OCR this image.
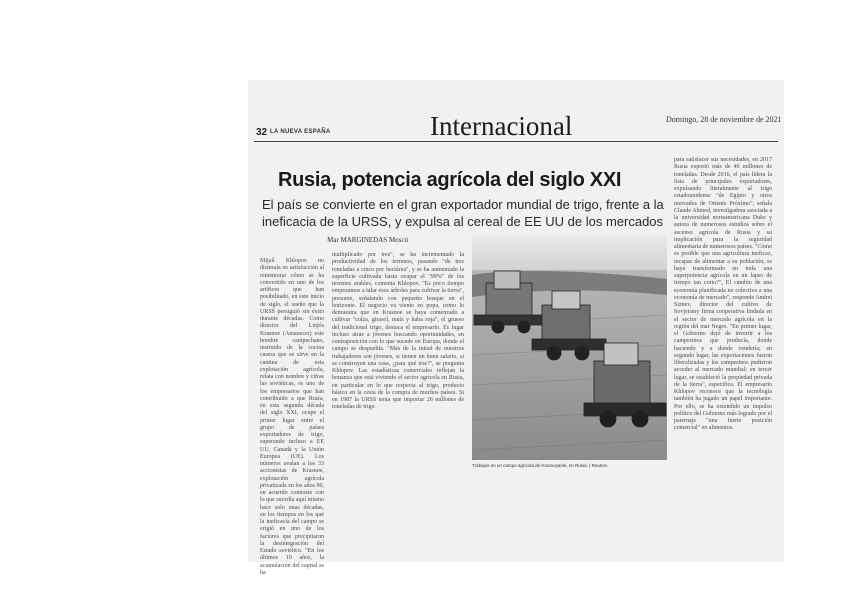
32 LA NUEVA ESPAÑA	Internacional	Domingo, 28 de noviembre de 2021
Rusia, potencia agrícola del siglo XXI
El país se convierte en el gran exportador mundial de trigo, frente a la ineficacia de la URSS, y expulsa al cereal de EE UU de los mercados
Mar MARGINEDAS Moscú
Mijaíl Khlopov no disimula su satisfacción al rememorar cómo se ha convertido en uno de los artífices que han posibilitado, en este inicio de siglo, el sueño que la URSS persiguió sin éxito durante décadas. Como director del Linjós Krasnoe (Amanecer) este hombre campechano, instruido de la cocina casera que se sirve en la cantina de esta explotación agrícola, relata con nombre y cifras las soviéticas, es uno de los empresarios que han contribuido a que Rusia, en esta segunda década del siglo XXI, ocupe el primer lugar entre el grupo de países exportadores de trigo, superando incluso a EE UU, Canadá y la Unión Europea (UE). Los números avalan a los 33 accionistas de Krasnoe, explotación agrícola privatizada en los años 90, en acuerdo contraste con lo que sucedía aquí mismo hace solo unas décadas, en los tiempos en los que la ineficacia del campo se erigió en uno de los factores que precipitaron la desintegración del Estado soviético. "En los últimos 10 años, la acumulación del capital se ha
multiplicado por tres", se ha incrementado la productividad de los terrenos, pasando "de tres toneladas a cinco por hectárea", y se ha aumentado la superficie cultivada hasta ocupar el "99%" de los terrenos arables, comenta Khlopov. "Es poco tiempo empezamos a talar esos árboles para cultivar la tierra", presume, señalando con pequeño bosque en el horizonte. El negocio va viento en popa, como lo demuestra que en Krasnoe se haya comenzado a cultivar "colza, girasol, maíz y haba soja", el grueso del tradicional trigo, destaca el empresario. Es lugar incluso atrae a jóvenes buscando oportunidades, en contraposición con lo que sucede en Europa, donde el campo se despuebla. "Más de la mitad de nuestros trabajadores son jóvenes, si tienen un buen salario, si se construyen una casa, ¿para qué irse?", se pregunta Khlopov. Las estadísticas comerciales reflejan la bonanza que está viviendo el sector agrícola en Rusia, en particular en lo que respecta al trigo, producto básico en la cesta de la compra de muchos países. Si en 1987 la URSS tenía que importar 26 millones de toneladas de trigo
Trabajos en un campo agrícola de Krasnoyarsk, en Rusia. | Reuters
para satisfacer sus necesidades, en 2017 Rusia exportó más de 40 millones de toneladas. Desde 2016, el país lidera la lista de principales exportadores, expulsando literalmente al trigo estadounidense "de Egipto y otros mercados de Oriente Próximo", señala Claude Ahmed, investigadora asociada a la universidad norteamericana Duke y autora de numerosos estudios sobre el ascenso agrícola de Rusia y su implicación para la seguridad alimentaria de numerosos países. "Cómo es posible que una agricultura ineficaz, incapaz de alimentar a su población, se haya transformado en toda una superpotencia agrícola en un lapso de tiempo tan corto?", El cambio de una economía planificada no colectiva a una economía de mercado", responde Andrei Siznev, director del cultivo de Sovjetsmy firma cooperativa lindada en el sector de mercado agrícola en la región del mar Negro. "En primer lugar, el Gobierno dejó de invertir a los campesinos que producía, donde haciendo y a donde vendería; en segundo lugar, las exportaciones fueron liberalizadas y los campesinos pudieron acceder al mercado mundial; en tercer lugar, se estableció la propiedad privada de la tierra", especifica. El empresario Khlopov reconoce que la tecnología también ha jugado un papel importante. Por ello, se ha extendido un impulso político del Gobierno más logrado por el paternaje "una fuerte posición comercial" en alimentos.
